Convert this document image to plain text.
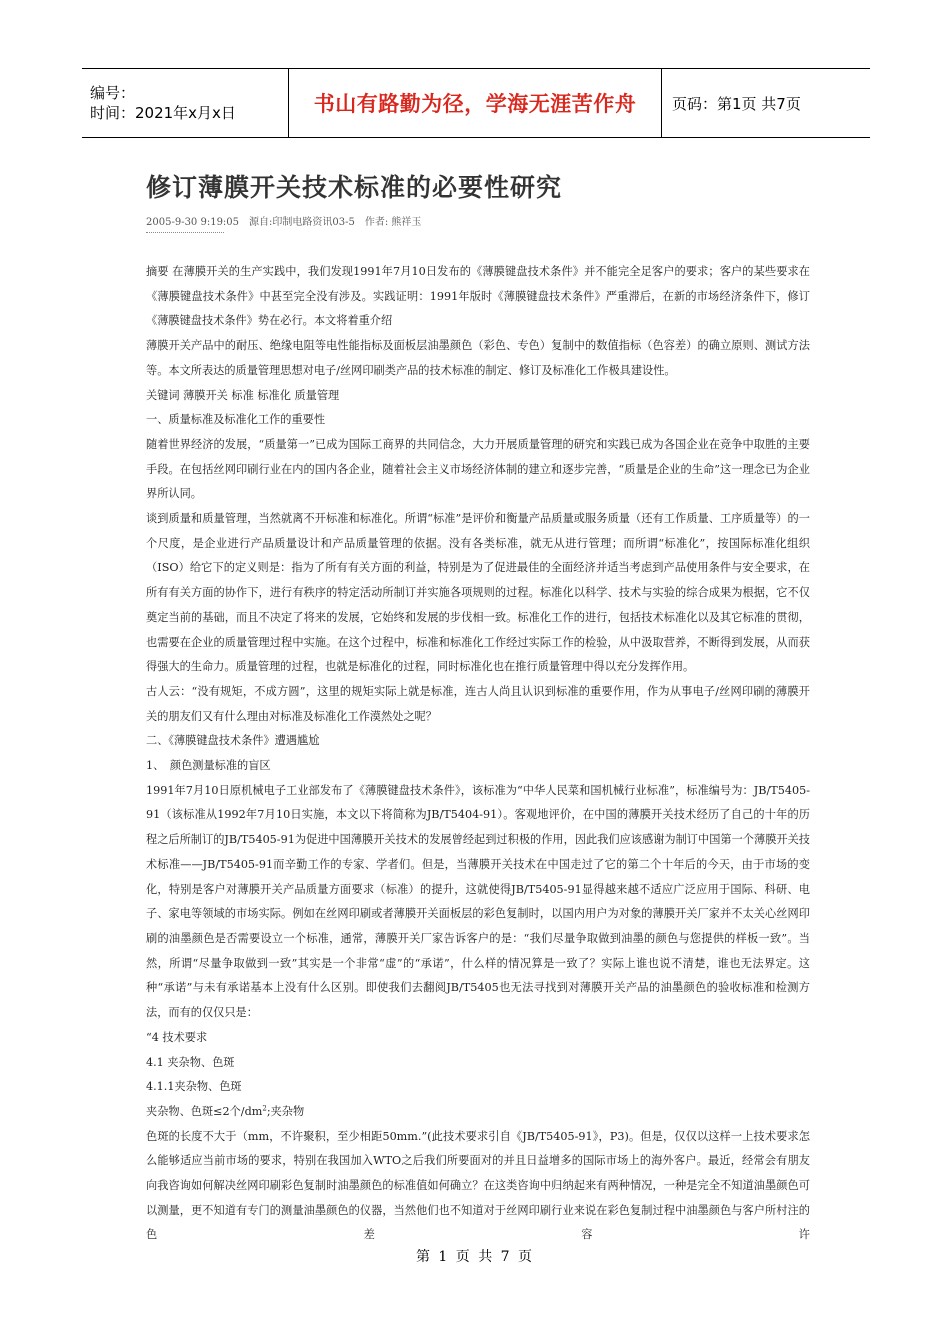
编号：
时间：2021年x月x日	书山有路勤为径，学海无涯苦作舟 页码：第1页 共7页
修订薄膜开关技术标准的必要性研究
2005-9-30 9:19:05　源自:印制电路资讯03-5　作者: 熊祥玉

摘要 在薄膜开关的生产实践中，我们发现1991年7月10日发布的《薄膜键盘技术条件》并不能完全足客户的要求；客户的某些要求在《薄膜键盘技术条件》中甚至完全没有涉及。实践证明：1991年版时《薄膜键盘技术条件》严重滞后，在新的市场经济条件下，修订《薄膜键盘技术条件》势在必行。本文将着重介绍

薄膜开关产品中的耐压、绝缘电阻等电性能指标及面板层油墨颜色（彩色、专色）复制中的数值指标（色容差）的确立原则、测试方法等。本文所表达的质量管理思想对电子/丝网印刷类产品的技术标准的制定、修订及标准化工作极具建设性。

关键词 薄膜开关 标准 标准化 质量管理

一、质量标准及标准化工作的重要性

随着世界经济的发展，“质量第一”已成为国际工商界的共同信念，大力开展质量管理的研究和实践已成为各国企业在竞争中取胜的主要手段。在包括丝网印刷行业在内的国内各企业，随着社会主义市场经济体制的建立和逐步完善，“质量是企业的生命”这一理念已为企业界所认同。

谈到质量和质量管理，当然就离不开标准和标准化。所谓“标准”是评价和衡量产品质量或服务质量（还有工作质量、工序质量等）的一个尺度，是企业进行产品质量设计和产品质量管理的依据。没有各类标准，就无从进行管理；而所谓“标准化”，按国际标准化组织（ISO）给它下的定义则是：指为了所有有关方面的利益，特别是为了促进最佳的全面经济并适当考虑到产品使用条件与安全要求，在所有有关方面的协作下，进行有秩序的特定活动所制订并实施各项规则的过程。标准化以科学、技术与实验的综合成果为根据，它不仅奠定当前的基础，而且不决定了将来的发展，它始终和发展的步伐相一致。标准化工作的进行，包括技术标准化以及其它标准的贯彻，也需要在企业的质量管理过程中实施。在这个过程中，标准和标准化工作经过实际工作的检验，从中汲取营养，不断得到发展，从而获得强大的生命力。质量管理的过程，也就是标准化的过程，同时标准化也在推行质量管理中得以充分发挥作用。

古人云：“没有规矩，不成方圆”，这里的规矩实际上就是标准，连古人尚且认识到标准的重要作用，作为从事电子/丝网印刷的薄膜开关的朋友们又有什么理由对标准及标准化工作漠然处之呢？

二、《薄膜键盘技术条件》遭遇尴尬

1、　颜色测量标准的盲区

1991年7月10日原机械电子工业部发布了《薄膜键盘技术条件》，该标准为“中华人民菜和国机械行业标准”，标准编号为：JB/T5405-91（该标准从1992年7月10日实施，本文以下将简称为JB/T5404-91）。客观地评价，在中国的薄膜开关技术经历了自己的十年的历程之后所制订的JB/T5405-91为促进中国薄膜开关技术的发展曾经起到过积极的作用，因此我们应该感谢为制订中国第一个薄膜开关技术标准——JB/T5405-91而辛勤工作的专家、学者们。但是，当薄膜开关技术在中国走过了它的第二个十年后的今天，由于市场的变化，特别是客户对薄膜开关产品质量方面要求（标准）的提升，这就使得JB/T5405-91显得越来越不适应广泛应用于国际、科研、电子、家电等领域的市场实际。例如在丝网印刷或者薄膜开关面板层的彩色复制时，以国内用户为对象的薄膜开关厂家并不太关心丝网印刷的油墨颜色是否需要设立一个标准，通常，薄膜开关厂家告诉客户的是：“我们尽量争取做到油墨的颜色与您提供的样板一致”。当然，所谓“尽量争取做到一致”其实是一个非常“虚”的“承诺”，什么样的情况算是一致了？实际上谁也说不清楚，谁也无法界定。这种“承诺”与未有承诺基本上没有什么区别。即使我们去翻阅JB/T5405也无法寻找到对薄膜开关产品的油墨颜色的验收标准和检测方法，而有的仅仅只是：

“4 技术要求

4.1 夹杂物、色斑

4.1.1夹杂物、色斑

夹杂物、色斑≤2个$/dm^2$;夹杂物

色斑的长度不大于（mm，不许聚积，至少相距50mm.”(此技术要求引自《JB/T5405-91》，P3)。但是，仅仅以这样一上技术要求怎么能够适应当前市场的要求，特别在我国加入WTO之后我们所要面对的并且日益增多的国际市场上的海外客户。最近，经常会有朋友向我咨询如何解决丝网印刷彩色复制时油墨颜色的标准值如何确立？在这类咨询中归纳起来有两种情况，一种是完全不知道油墨颜色可以测量，更不知道有专门的测量油墨颜色的仪器，当然他们也不知道对于丝网印刷行业来说在彩色复制过程中油墨颜色与客户所村注的色差容许

第 1 页 共 7 页
